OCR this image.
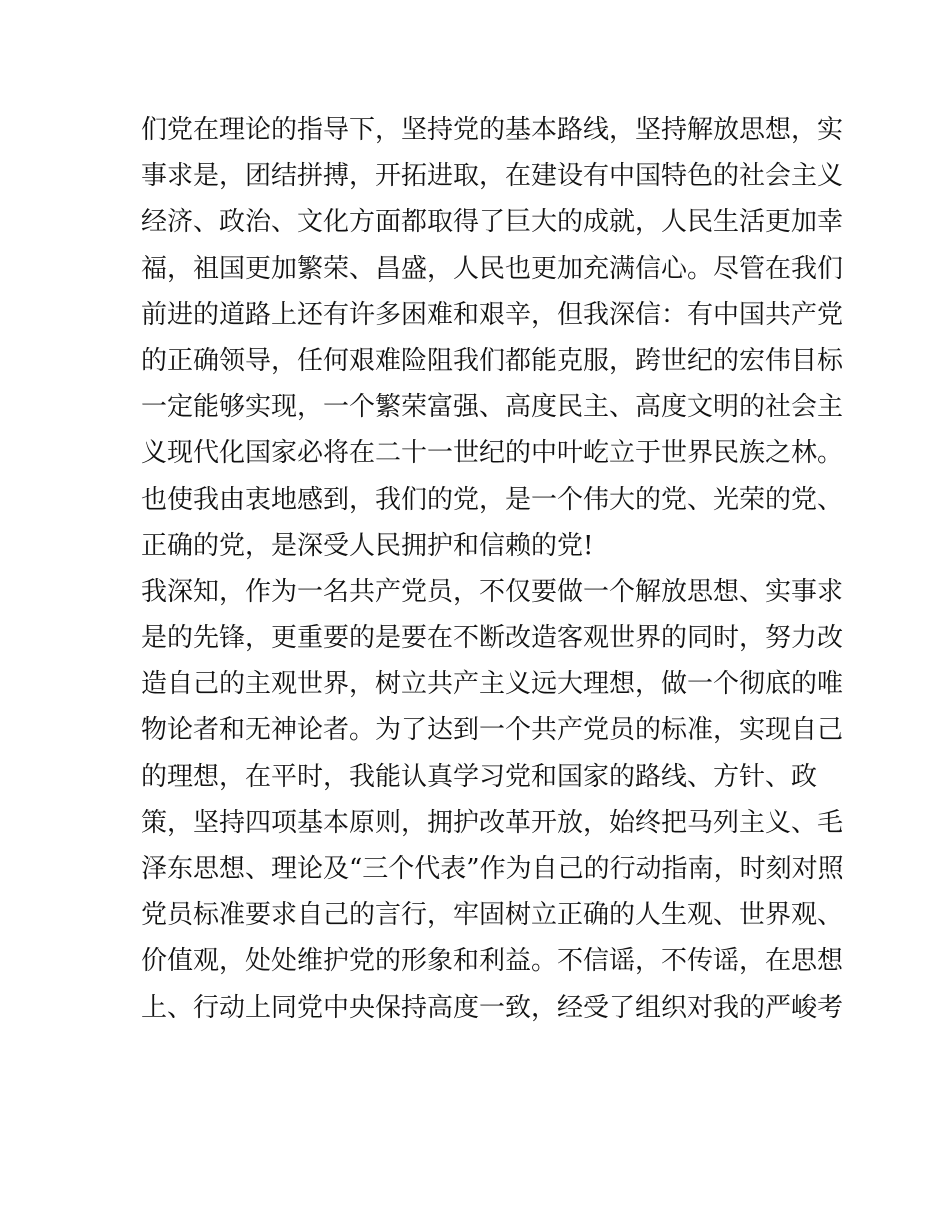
们党在理论的指导下，坚持党的基本路线，坚持解放思想，实
事求是，团结拼搏，开拓进取，在建设有中国特色的社会主义
经济、政治、文化方面都取得了巨大的成就，人民生活更加幸
福，祖国更加繁荣、昌盛，人民也更加充满信心。尽管在我们
前进的道路上还有许多困难和艰辛，但我深信：有中国共产党
的正确领导，任何艰难险阻我们都能克服，跨世纪的宏伟目标
一定能够实现，一个繁荣富强、高度民主、高度文明的社会主
义现代化国家必将在二十一世纪的中叶屹立于世界民族之林。
也使我由衷地感到，我们的党，是一个伟大的党、光荣的党、
正确的党，是深受人民拥护和信赖的党!
我深知，作为一名共产党员，不仅要做一个解放思想、实事求
是的先锋，更重要的是要在不断改造客观世界的同时，努力改
造自己的主观世界，树立共产主义远大理想，做一个彻底的唯
物论者和无神论者。为了达到一个共产党员的标准，实现自己
的理想，在平时，我能认真学习党和国家的路线、方针、政
策，坚持四项基本原则，拥护改革开放，始终把马列主义、毛
泽东思想、理论及“三个代表”作为自己的行动指南，时刻对照
党员标准要求自己的言行，牢固树立正确的人生观、世界观、
价值观，处处维护党的形象和利益。不信谣，不传谣，在思想
上、行动上同党中央保持高度一致，经受了组织对我的严峻考
